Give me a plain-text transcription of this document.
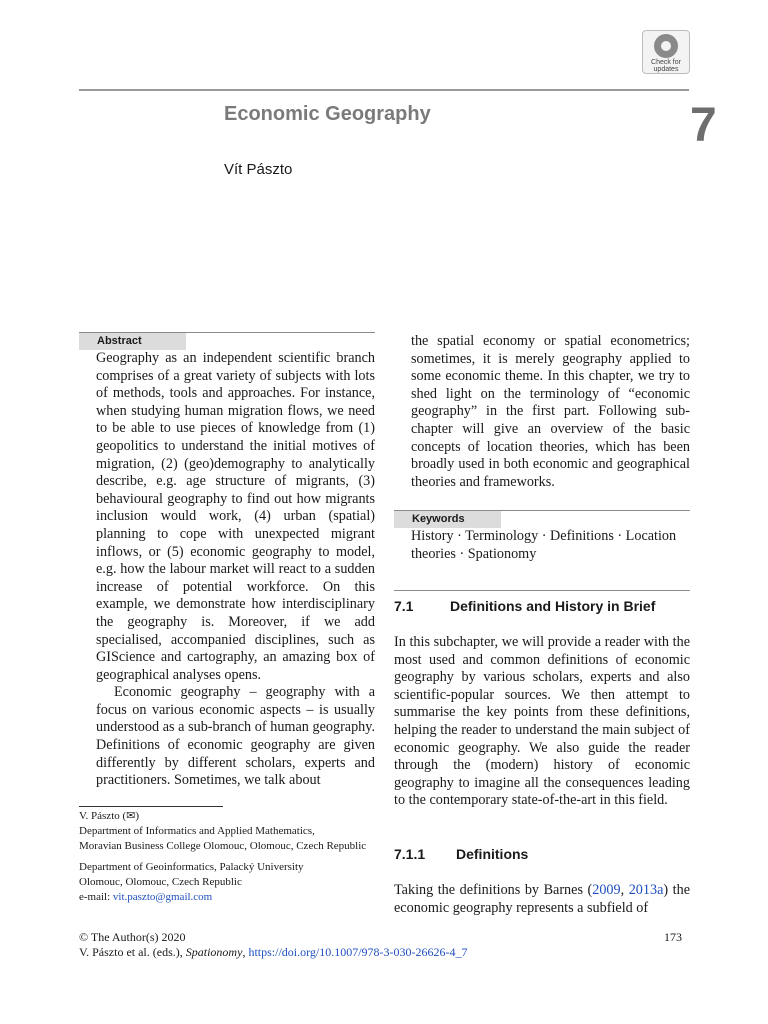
Check for updates
7
Economic Geography
Vít Pászto
Abstract

Geography as an independent scientific branch comprises of a great variety of subjects with lots of methods, tools and approaches. For instance, when studying human migration flows, we need to be able to use pieces of knowledge from (1) geopolitics to understand the initial motives of migration, (2) (geo)demography to analytically describe, e.g. age structure of migrants, (3) behavioural geography to find out how migrants inclusion would work, (4) urban (spatial) planning to cope with unexpected migrant inflows, or (5) economic geography to model, e.g. how the labour market will react to a sudden increase of potential workforce. On this example, we demonstrate how interdisciplinary the geography is. Moreover, if we add specialised, accompanied disciplines, such as GIScience and cartography, an amazing box of geographical analyses opens.

Economic geography – geography with a focus on various economic aspects – is usually understood as a sub-branch of human geography. Definitions of economic geography are given differently by different scholars, experts and practitioners. Sometimes, we talk about

the spatial economy or spatial econometrics; sometimes, it is merely geography applied to some economic theme. In this chapter, we try to shed light on the terminology of “economic geography” in the first part. Following sub-chapter will give an overview of the basic concepts of location theories, which has been broadly used in both economic and geographical theories and frameworks.
Keywords
History · Terminology · Definitions · Location theories · Spationomy
7.1	Definitions and History in Brief
In this subchapter, we will provide a reader with the most used and common definitions of economic geography by various scholars, experts and also scientific-popular sources. We then attempt to summarise the key points from these definitions, helping the reader to understand the main subject of economic geography. We also guide the reader through the (modern) history of economic geography to imagine all the consequences leading to the contemporary state-of-the-art in this field.
7.1.1 Definitions
Taking the definitions by Barnes (2009, 2013a) the economic geography represents a subfield of
V. Pászto (✉)
Department of Informatics and Applied Mathematics,
Moravian Business College Olomouc, Olomouc, Czech Republic
Department of Geoinformatics, Palacký University
Olomouc, Olomouc, Czech Republic
e-mail: vit.paszto@gmail.com
© The Author(s) 2020	173
V. Pászto et al. (eds.), Spationomy, https://doi.org/10.1007/978-3-030-26626-4_7
